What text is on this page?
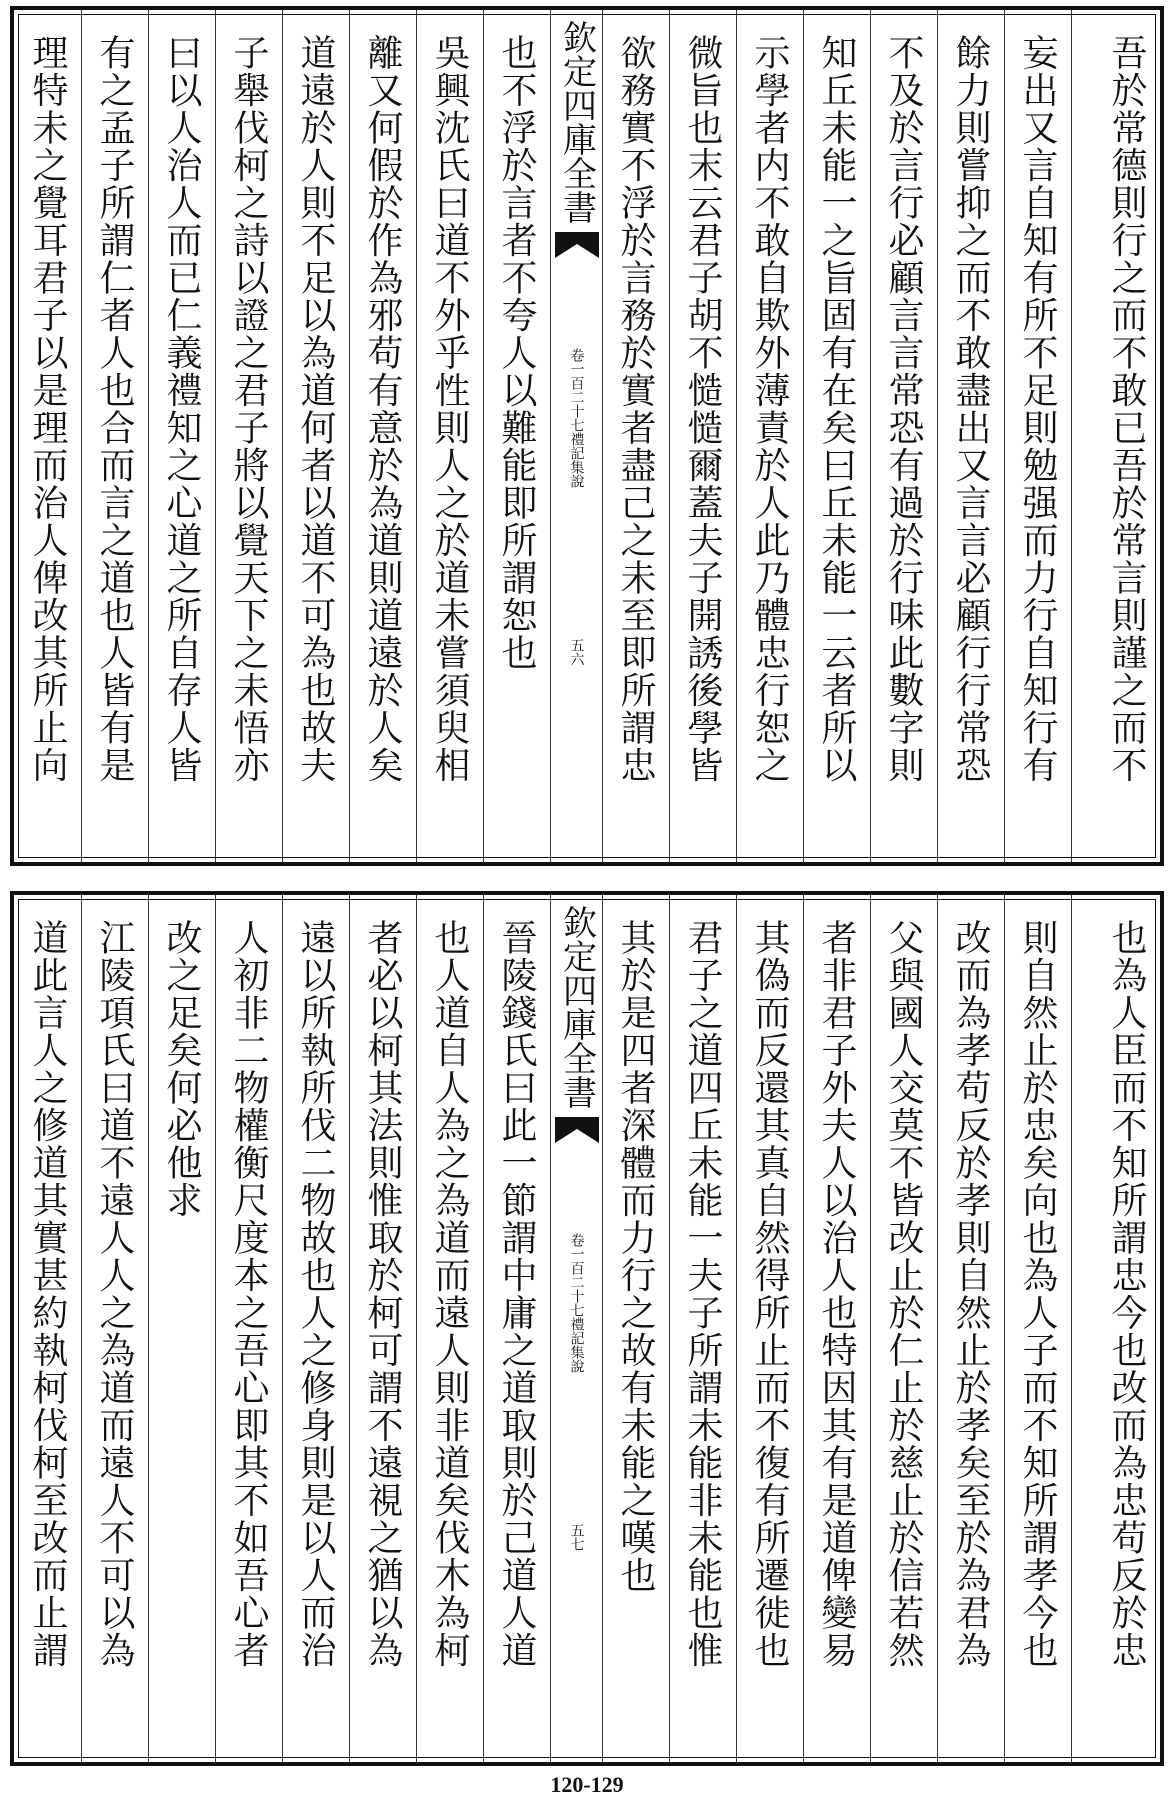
吾於常德則行之而不敢已吾於常言則謹之而不
妄出又言自知有所不足則勉强而力行自知行有
餘力則嘗抑之而不敢盡出又言言必顧行行常恐
不及於言行必顧言言常恐有過於行味此數字則
知丘未能一之旨固有在矣曰丘未能一云者所以
示學者内不敢自欺外薄責於人此乃體忠行恕之
微旨也末云君子胡不慥慥爾蓋夫子開誘後學皆
欲務實不浮於言務於實者盡己之未至即所謂忠
欽定四庫全書
禮記集說
卷一百二十七
五六
也不浮於言者不夸人以難能即所謂恕也
吳興沈氏曰道不外乎性則人之於道未嘗須臾相
離又何假於作為邪苟有意於為道則道遠於人矣
道遠於人則不足以為道何者以道不可為也故夫
子舉伐柯之詩以證之君子將以覺天下之未悟亦
曰以人治人而已仁義禮知之心道之所自存人皆
有之孟子所謂仁者人也合而言之道也人皆有是
理特未之覺耳君子以是理而治人俾改其所止向
也為人臣而不知所謂忠今也改而為忠苟反於忠
則自然止於忠矣向也為人子而不知所謂孝今也
改而為孝苟反於孝則自然止於孝矣至於為君為
父與國人交莫不皆改止於仁止於慈止於信若然
者非君子外夫人以治人也特因其有是道俾變易
其偽而反還其真自然得所止而不復有所遷徙也
君子之道四丘未能一夫子所謂未能非未能也惟
其於是四者深體而力行之故有未能之嘆也
欽定四庫全書
禮記集說
卷一百二十七
五七
晉陵錢氏曰此一節謂中庸之道取則於己道人道
也人道自人為之為道而遠人則非道矣伐木為柯
者必以柯其法則惟取於柯可謂不遠視之猶以為
遠以所執所伐二物故也人之修身則是以人而治
人初非二物權衡尺度本之吾心即其不如吾心者
改之足矣何必他求
江陵項氏曰道不遠人人之為道而遠人不可以為
道此言人之修道其實甚約執柯伐柯至改而止謂
120-129
